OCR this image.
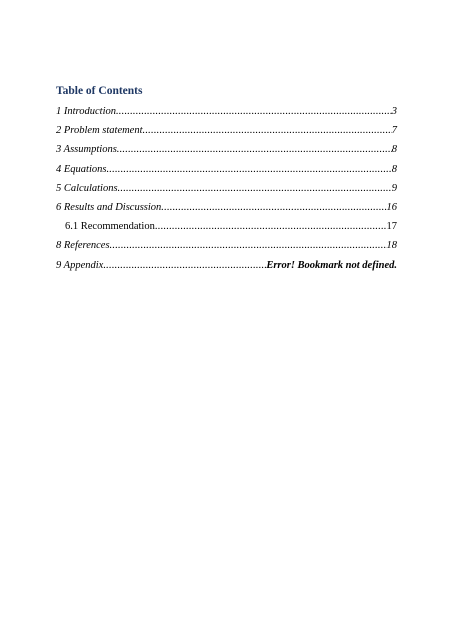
Table of Contents
1 Introduction .....	3
2 Problem statement .....	7
3 Assumptions .....	8
4 Equations .....	8
5 Calculations .....	9
6 Results and Discussion .....	16
6.1 Recommendation .....	17
8 References .....	18
9 Appendix .....	Error! Bookmark not defined.
